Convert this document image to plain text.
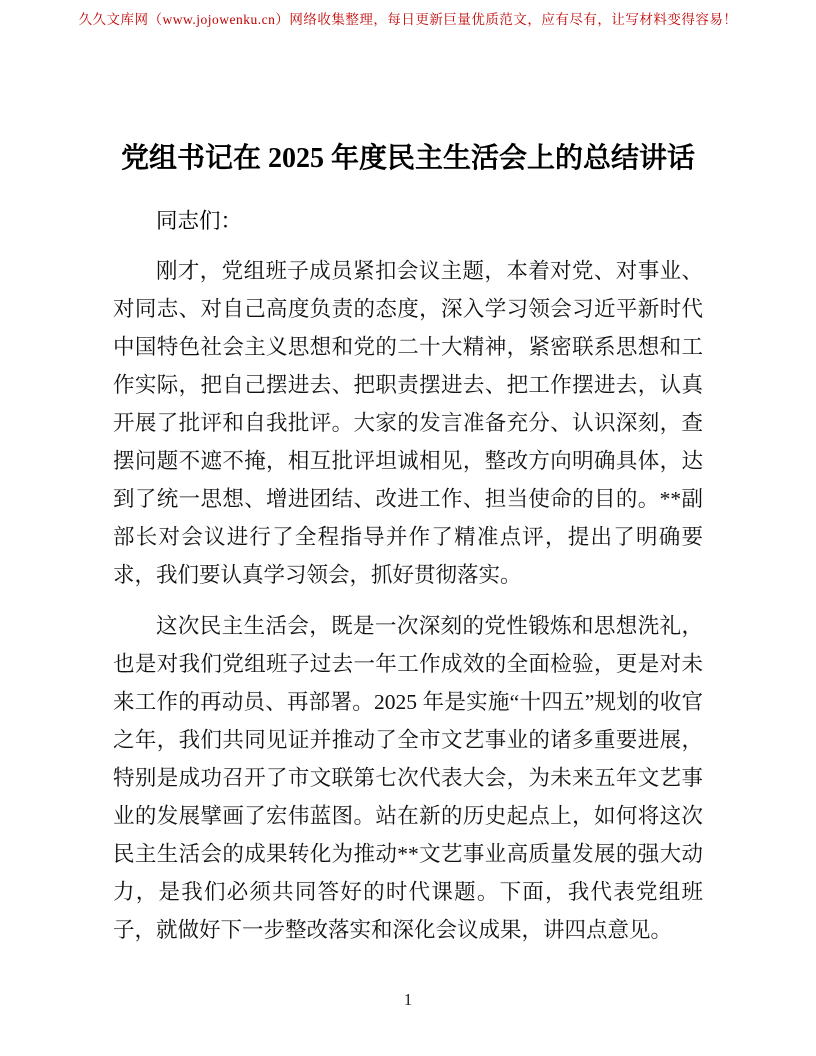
久久文库网（www.jojowenku.cn）网络收集整理，每日更新巨量优质范文，应有尽有，让写材料变得容易！
党组书记在 2025 年度民主生活会上的总结讲话

同志们：

刚才，党组班子成员紧扣会议主题，本着对党、对事业、对同志、对自己高度负责的态度，深入学习领会习近平新时代中国特色社会主义思想和党的二十大精神，紧密联系思想和工作实际，把自己摆进去、把职责摆进去、把工作摆进去，认真开展了批评和自我批评。大家的发言准备充分、认识深刻，查摆问题不遮不掩，相互批评坦诚相见，整改方向明确具体，达到了统一思想、增进团结、改进工作、担当使命的目的。**副部长对会议进行了全程指导并作了精准点评，提出了明确要求，我们要认真学习领会，抓好贯彻落实。

这次民主生活会，既是一次深刻的党性锻炼和思想洗礼，也是对我们党组班子过去一年工作成效的全面检验，更是对未来工作的再动员、再部署。2025 年是实施“十四五”规划的收官之年，我们共同见证并推动了全市文艺事业的诸多重要进展，特别是成功召开了市文联第七次代表大会，为未来五年文艺事业的发展擘画了宏伟蓝图。站在新的历史起点上，如何将这次民主生活会的成果转化为推动**文艺事业高质量发展的强大动力，是我们必须共同答好的时代课题。下面，我代表党组班子，就做好下一步整改落实和深化会议成果，讲四点意见。

1
